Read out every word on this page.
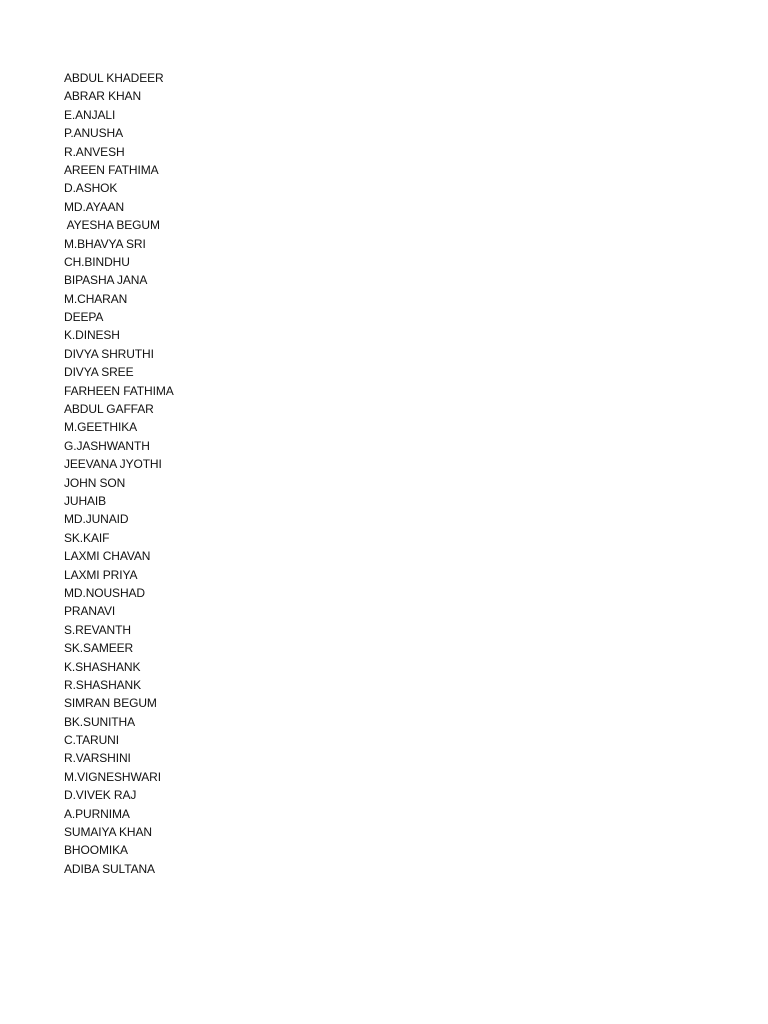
ABDUL KHADEER
ABRAR KHAN
E.ANJALI
P.ANUSHA
R.ANVESH
AREEN FATHIMA
D.ASHOK
MD.AYAAN
AYESHA BEGUM
M.BHAVYA SRI
CH.BINDHU
BIPASHA JANA
M.CHARAN
DEEPA
K.DINESH
DIVYA SHRUTHI
DIVYA SREE
FARHEEN FATHIMA
ABDUL GAFFAR
M.GEETHIKA
G.JASHWANTH
JEEVANA JYOTHI
JOHN SON
JUHAIB
MD.JUNAID
SK.KAIF
LAXMI CHAVAN
LAXMI PRIYA
MD.NOUSHAD
PRANAVI
S.REVANTH
SK.SAMEER
K.SHASHANK
R.SHASHANK
SIMRAN BEGUM
BK.SUNITHA
C.TARUNI
R.VARSHINI
M.VIGNESHWARI
D.VIVEK RAJ
A.PURNIMA
SUMAIYA KHAN
BHOOMIKA
ADIBA SULTANA
